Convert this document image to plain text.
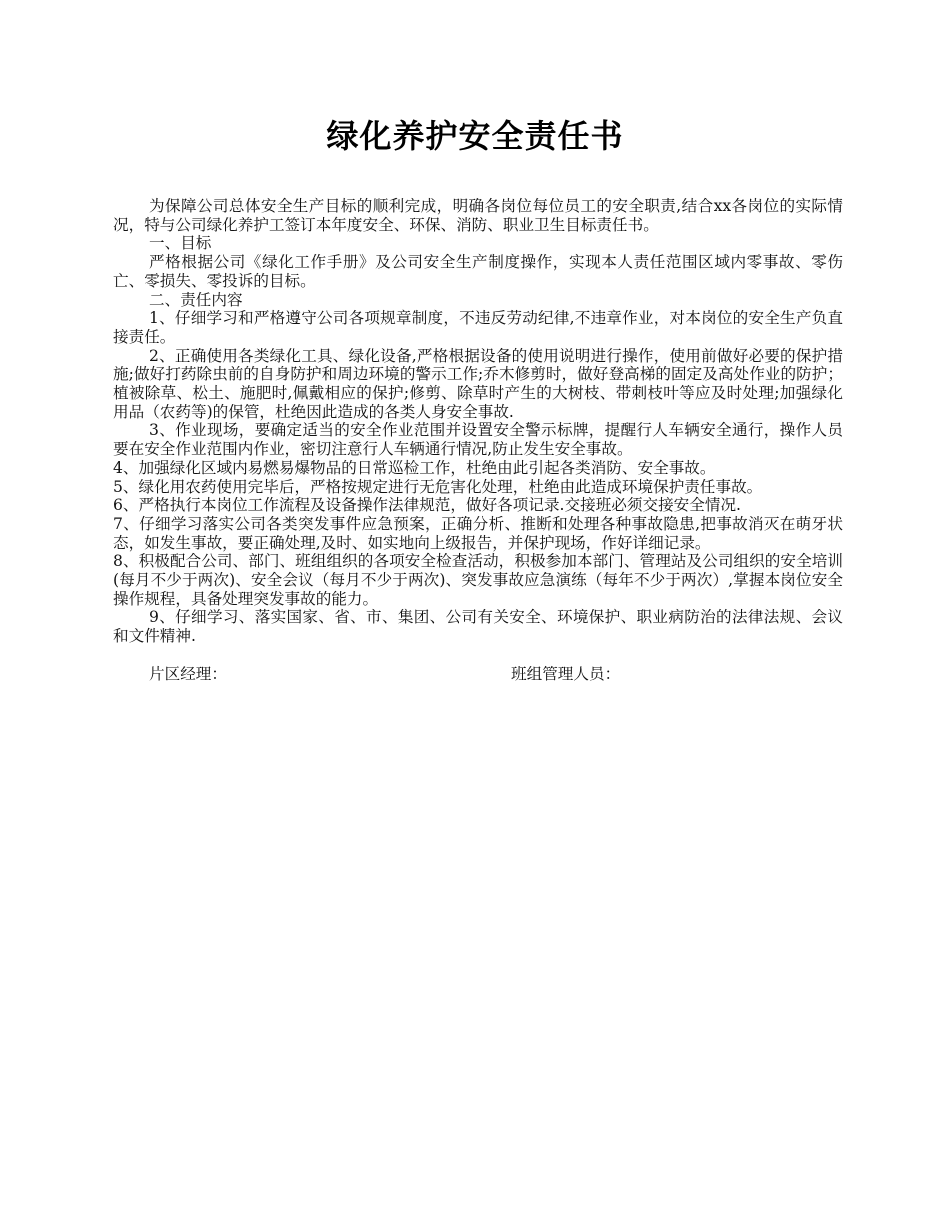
绿化养护安全责任书

为保障公司总体安全生产目标的顺利完成，明确各岗位每位员工的安全职责,结合xx各岗位的实际情况，特与公司绿化养护工签订本年度安全、环保、消防、职业卫生目标责任书。

一、目标

严格根据公司《绿化工作手册》及公司安全生产制度操作，实现本人责任范围区域内零事故、零伤亡、零损失、零投诉的目标。

二、责任内容

1、仔细学习和严格遵守公司各项规章制度，不违反劳动纪律,不违章作业，对本岗位的安全生产负直接责任。

2、正确使用各类绿化工具、绿化设备,严格根据设备的使用说明进行操作，使用前做好必要的保护措施;做好打药除虫前的自身防护和周边环境的警示工作;乔木修剪时，做好登高梯的固定及高处作业的防护；植被除草、松土、施肥时,佩戴相应的保护;修剪、除草时产生的大树枝、带刺枝叶等应及时处理;加强绿化用品（农药等)的保管，杜绝因此造成的各类人身安全事故.

3、作业现场，要确定适当的安全作业范围并设置安全警示标牌，提醒行人车辆安全通行，操作人员要在安全作业范围内作业，密切注意行人车辆通行情况,防止发生安全事故。

4、加强绿化区域内易燃易爆物品的日常巡检工作，杜绝由此引起各类消防、安全事故。

5、绿化用农药使用完毕后，严格按规定进行无危害化处理，杜绝由此造成环境保护责任事故。

6、严格执行本岗位工作流程及设备操作法律规范，做好各项记录.交接班必须交接安全情况.

7、仔细学习落实公司各类突发事件应急预案，正确分析、推断和处理各种事故隐患,把事故消灭在萌牙状态，如发生事故，要正确处理,及时、如实地向上级报告，并保护现场，作好详细记录。

8、积极配合公司、部门、班组组织的各项安全检查活动，积极参加本部门、管理站及公司组织的安全培训(每月不少于两次)、安全会议（每月不少于两次)、突发事故应急演练（每年不少于两次）,掌握本岗位安全操作规程，具备处理突发事故的能力。

9、仔细学习、落实国家、省、市、集团、公司有关安全、环境保护、职业病防治的法律法规、会议和文件精神.

片区经理：	班组管理人员：
